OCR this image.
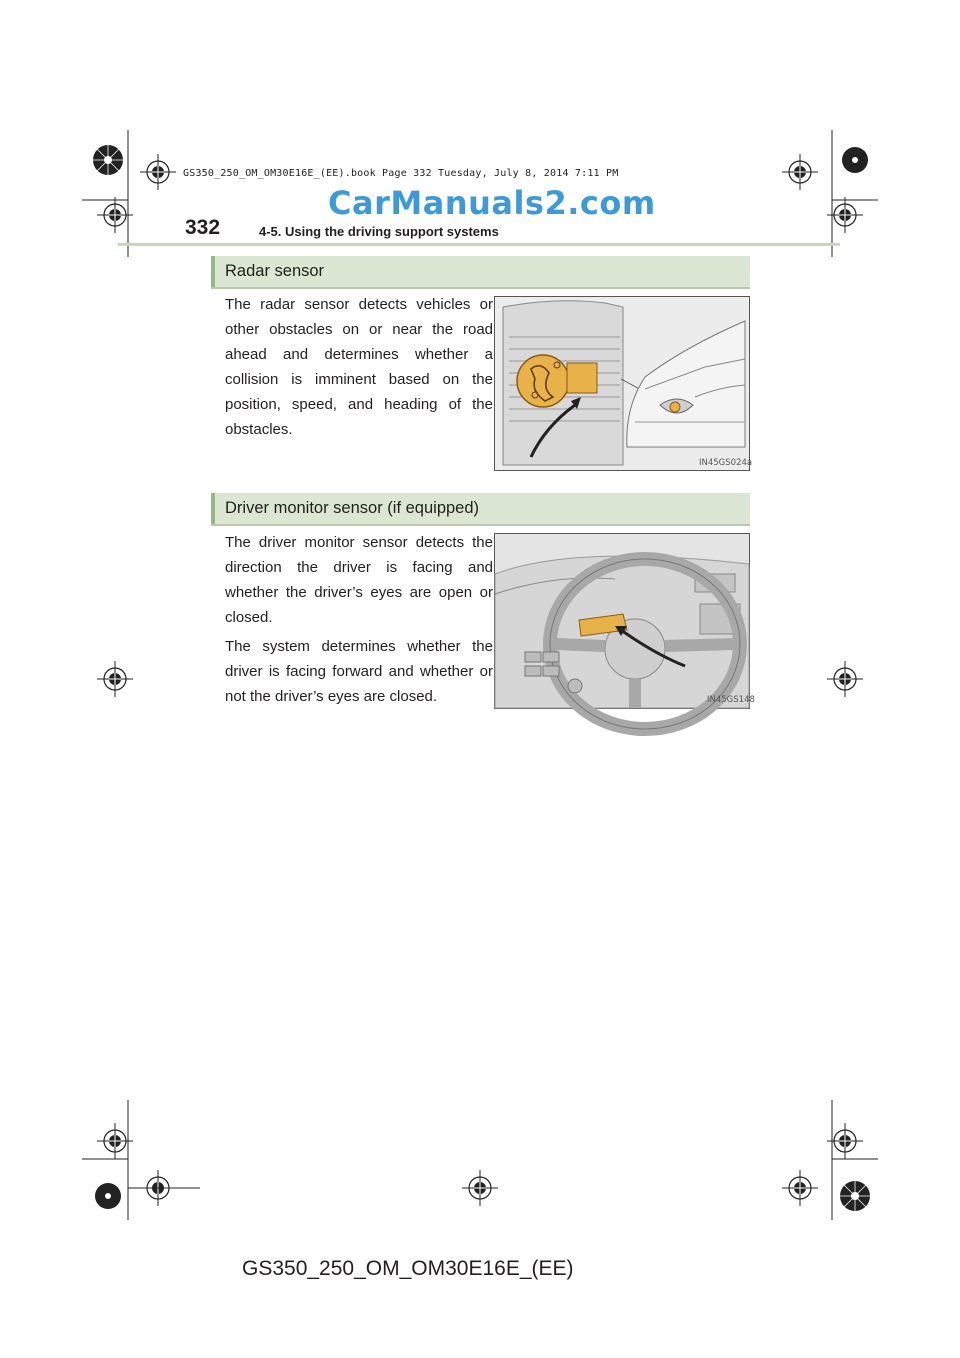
GS350_250_OM_OM30E16E_(EE).book Page 332 Tuesday, July 8, 2014 7:11 PM
CarManuals2.com
332	4-5. Using the driving support systems
Radar sensor

The radar sensor detects vehicles or other obstacles on or near the road ahead and determines whether a collision is imminent based on the position, speed, and heading of the obstacles.

IN45GS024a
Driver monitor sensor (if equipped)

The driver monitor sensor detects the direction the driver is facing and whether the driver’s eyes are open or closed.

The system determines whether the driver is facing forward and whether or not the driver’s eyes are closed.	IN45GS148
GS350_250_OM_OM30E16E_(EE)
